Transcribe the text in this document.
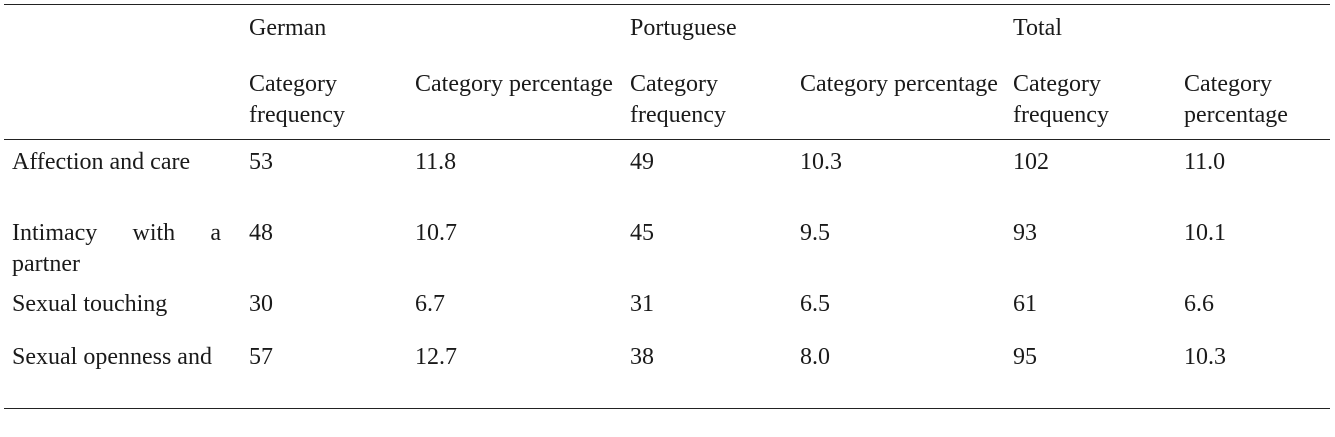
	German		Portuguese		Total	
	Category frequency	Category percentage	Category frequency	Category percentage	Category frequency	Category percentage
Affection and care	53	11.8	49	10.3	102	11.0
Intimacy with a partner	48	10.7	45	9.5	93	10.1
Sexual touching	30	6.7	31	6.5	61	6.6
Sexual openness and	57	12.7	38	8.0	95	10.3
